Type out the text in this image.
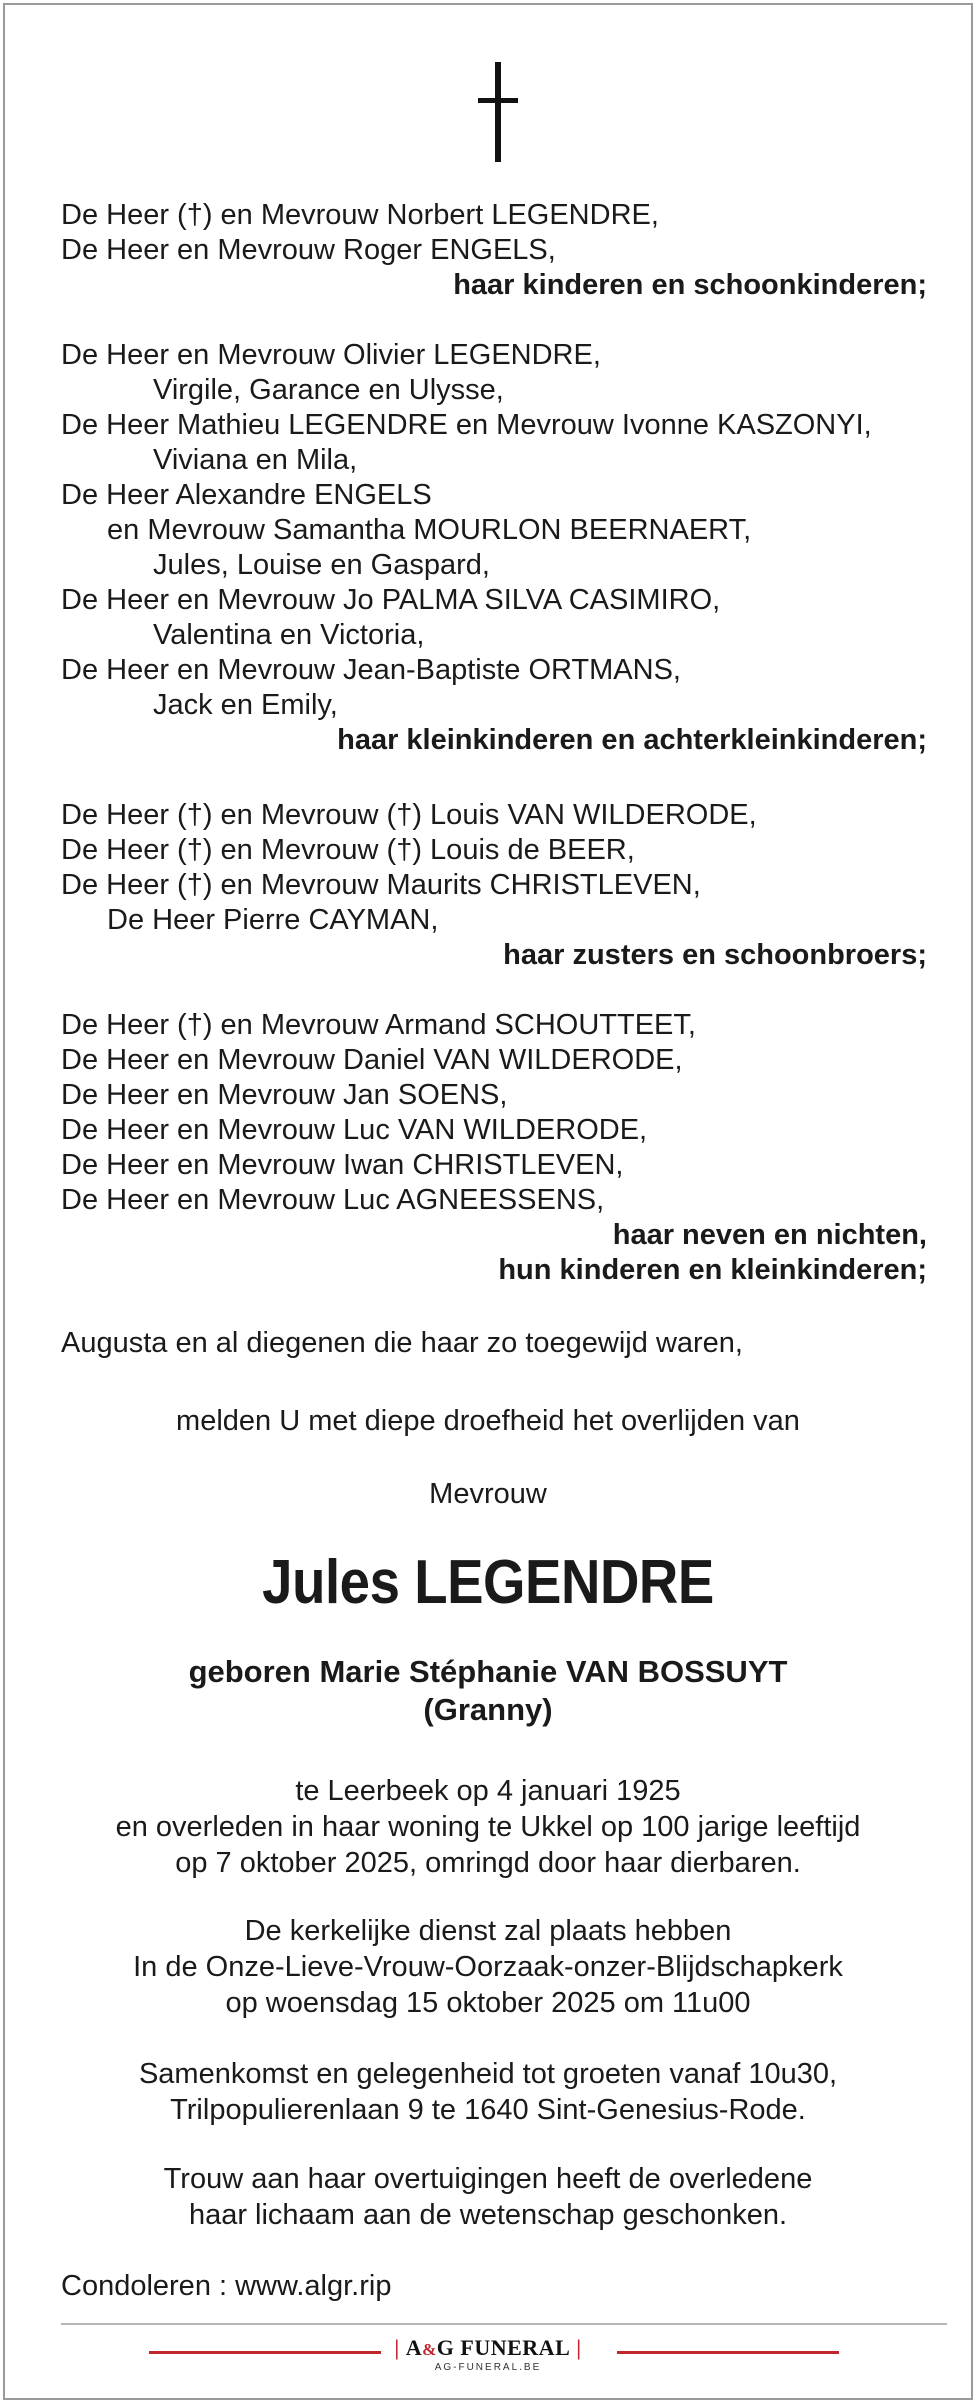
De Heer (†) en Mevrouw Norbert LEGENDRE,
De Heer en Mevrouw Roger ENGELS,
haar kinderen en schoonkinderen;
De Heer en Mevrouw Olivier LEGENDRE,
Virgile, Garance en Ulysse,
De Heer Mathieu LEGENDRE en Mevrouw Ivonne KASZONYI,
Viviana en Mila,
De Heer Alexandre ENGELS
en Mevrouw Samantha MOURLON BEERNAERT,
Jules, Louise en Gaspard,
De Heer en Mevrouw Jo PALMA SILVA CASIMIRO,
Valentina en Victoria,
De Heer en Mevrouw Jean-Baptiste ORTMANS,
Jack en Emily,
haar kleinkinderen en achterkleinkinderen;
De Heer (†) en Mevrouw (†) Louis VAN WILDERODE,
De Heer (†) en Mevrouw (†) Louis de BEER,
De Heer (†) en Mevrouw Maurits CHRISTLEVEN,
De Heer Pierre CAYMAN,
haar zusters en schoonbroers;
De Heer (†) en Mevrouw Armand SCHOUTTEET,
De Heer en Mevrouw Daniel VAN WILDERODE,
De Heer en Mevrouw Jan SOENS,
De Heer en Mevrouw Luc VAN WILDERODE,
De Heer en Mevrouw Iwan CHRISTLEVEN,
De Heer en Mevrouw Luc AGNEESSENS,
haar neven en nichten,
hun kinderen en kleinkinderen;
Augusta en al diegenen die haar zo toegewijd waren,
melden U met diepe droefheid het overlijden van
Mevrouw
Jules LEGENDRE
geboren Marie Stéphanie VAN BOSSUYT
(Granny)
te Leerbeek op 4 januari 1925
en overleden in haar woning te Ukkel op 100 jarige leeftijd
op 7 oktober 2025, omringd door haar dierbaren.
De kerkelijke dienst zal plaats hebben
In de Onze-Lieve-Vrouw-Oorzaak-onzer-Blijdschapkerk
op woensdag 15 oktober 2025 om 11u00
Samenkomst en gelegenheid tot groeten vanaf 10u30,
Trilpopulierenlaan 9 te 1640 Sint-Genesius-Rode.
Trouw aan haar overtuigingen heeft de overledene
haar lichaam aan de wetenschap geschonken.
Condoleren : www.algr.rip
| A&G FUNERAL |
AG-FUNERAL.BE
